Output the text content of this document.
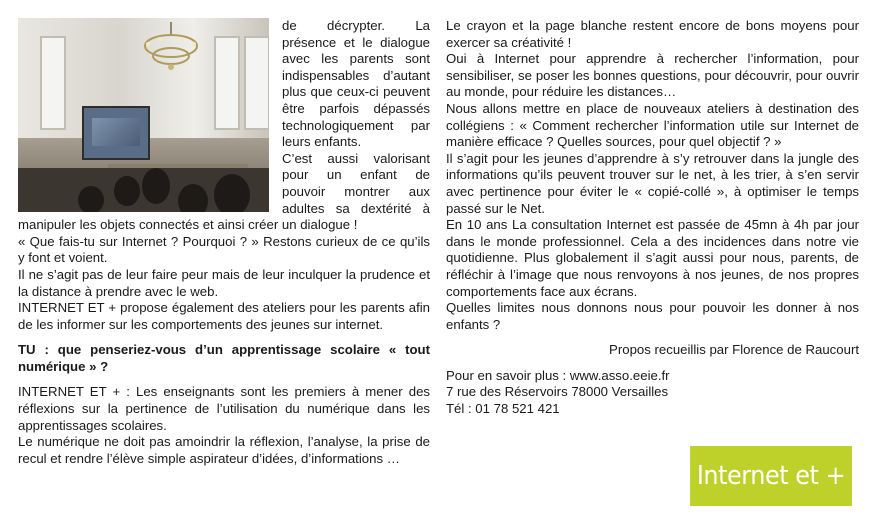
de décrypter. La présence et le dialogue avec les parents sont indispensables d’autant plus que ceux-ci peuvent être parfois dépassés technologiquement par leurs enfants.

C’est aussi valorisant pour un enfant de pouvoir montrer aux adultes sa dextérité à manipuler les objets connectés et ainsi créer un dialogue !

« Que fais-tu sur Internet ? Pourquoi ? » Restons curieux de ce qu’ils y font et voient.

Il ne s’agit pas de leur faire peur mais de leur inculquer la prudence et la distance à prendre avec le web.

INTERNET ET + propose également des ateliers pour les parents afin de les informer sur les comportements des jeunes sur internet.

TU : que penseriez-vous d’un apprentissage scolaire « tout numérique » ?

INTERNET ET + : Les enseignants sont les premiers à mener des réflexions sur la pertinence de l’utilisation du numérique dans les apprentissages scolaires.

Le numérique ne doit pas amoindrir la réflexion, l’analyse, la prise de recul et rendre l’élève simple aspirateur d’idées, d’informations …

Le crayon et la page blanche restent encore de bons moyens pour exercer sa créativité !

Oui à Internet pour apprendre à rechercher l’information, pour sensibiliser, se poser les bonnes questions, pour découvrir, pour ouvrir au monde, pour réduire les distances…

Nous allons mettre en place de nouveaux ateliers à destination des collégiens : « Comment rechercher l’information utile sur Internet de manière efficace ? Quelles sources, pour quel objectif ? »

Il s’agit pour les jeunes d’apprendre à s’y retrouver dans la jungle des informations qu’ils peuvent trouver sur le net, à les trier, à s’en servir avec pertinence pour éviter le « copié-collé », à optimiser le temps passé sur le Net.

En 10 ans La consultation Internet est passée de 45mn à 4h par jour dans le monde professionnel. Cela a des incidences dans notre vie quotidienne. Plus globalement il s’agit aussi pour nous, parents, de réfléchir à l’image que nous renvoyons à nos jeunes, de nos propres comportements face aux écrans.

Quelles limites nous donnons nous pour pouvoir les donner à nos enfants ?

Propos recueillis par Florence de Raucourt

Pour en savoir plus : www.asso.eeie.fr

7 rue des Réservoirs 78000 Versailles

Tél : 01 78 521 421

Internet et +
